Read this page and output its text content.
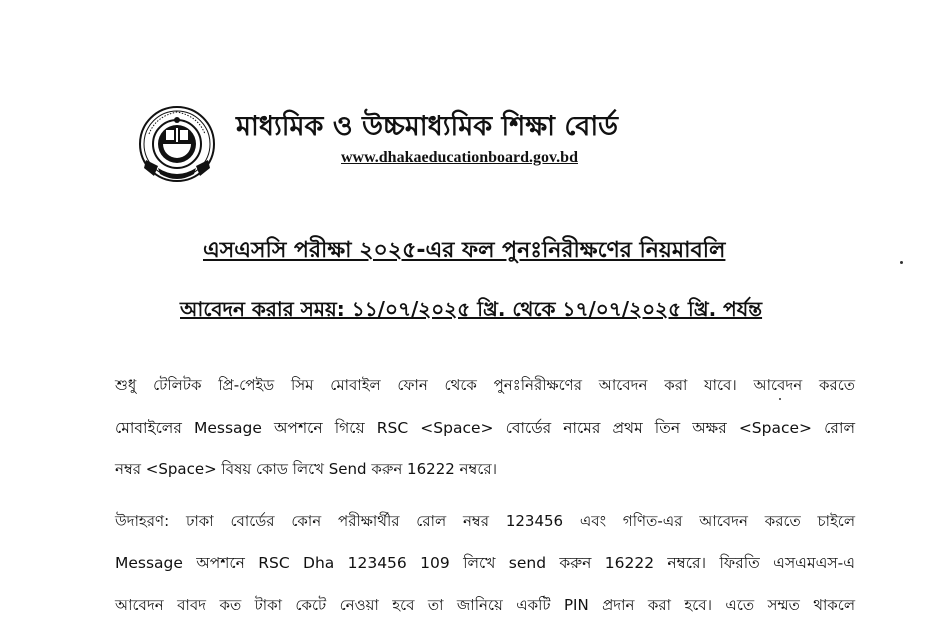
মাধ্যমিক ও উচ্চমাধ্যমিক শিক্ষা বোর্ড
www.dhakaeducationboard.gov.bd
এসএসসি পরীক্ষা ২০২৫-এর ফল পুনঃনিরীক্ষণের নিয়মাবলি
আবেদন করার সময়: ১১/০৭/২০২৫ খ্রি. থেকে ১৭/০৭/২০২৫ খ্রি. পর্যন্ত
শুধু টেলিটক প্রি-পেইড সিম মোবাইল ফোন থেকে পুনঃনিরীক্ষণের আবেদন করা যাবে। আবেদন করতে
মোবাইলের Message অপশনে গিয়ে RSC <Space> বোর্ডের নামের প্রথম তিন অক্ষর <Space> রোল
নম্বর <Space> বিষয় কোড লিখে Send করুন 16222 নম্বরে।
উদাহরণ: ঢাকা বোর্ডের কোন পরীক্ষার্থীর রোল নম্বর 123456 এবং গণিত-এর আবেদন করতে চাইলে
Message অপশনে RSC Dha 123456 109 লিখে send করুন 16222 নম্বরে। ফিরতি এসএমএস-এ
আবেদন বাবদ কত টাকা কেটে নেওয়া হবে তা জানিয়ে একটি PIN প্রদান করা হবে। এতে সম্মত থাকলে
